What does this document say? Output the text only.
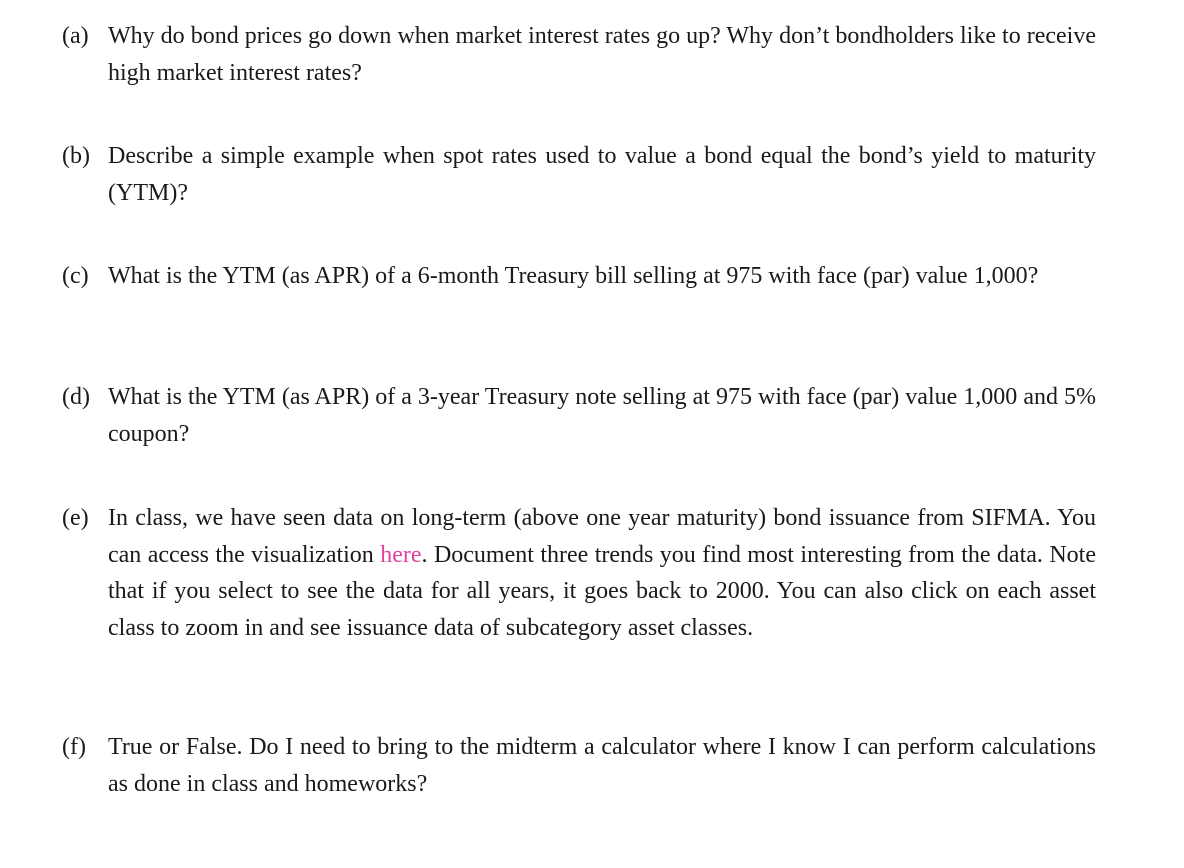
(a) Why do bond prices go down when market interest rates go up? Why don’t bondholders like to receive high market interest rates?
(b) Describe a simple example when spot rates used to value a bond equal the bond’s yield to maturity (YTM)?
(c) What is the YTM (as APR) of a 6-month Treasury bill selling at 975 with face (par) value 1,000?
(d) What is the YTM (as APR) of a 3-year Treasury note selling at 975 with face (par) value 1,000 and 5% coupon?
(e) In class, we have seen data on long-term (above one year maturity) bond issuance from SIFMA. You can access the visualization here. Document three trends you find most interesting from the data. Note that if you select to see the data for all years, it goes back to 2000. You can also click on each asset class to zoom in and see issuance data of subcategory asset classes.
(f) True or False. Do I need to bring to the midterm a calculator where I know I can perform calculations as done in class and homeworks?
